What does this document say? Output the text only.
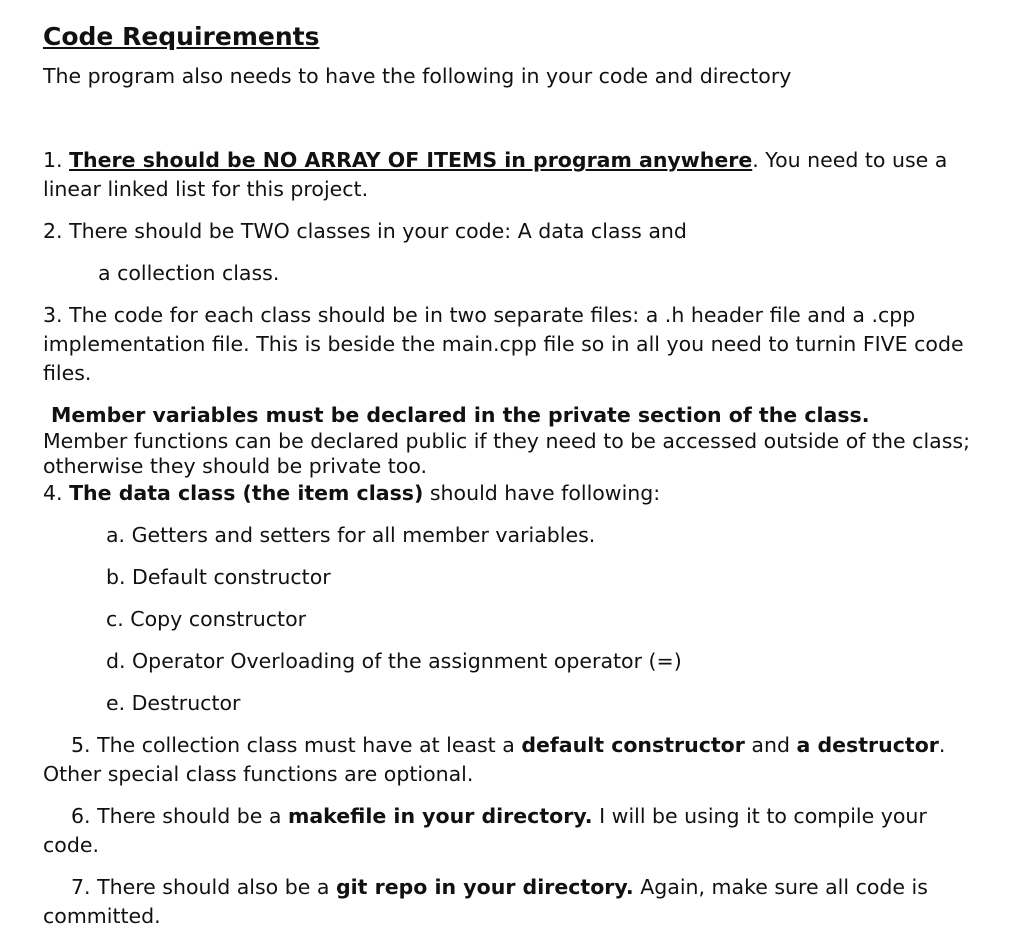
Code Requirements
The program also needs to have the following in your code and directory
1. There should be NO ARRAY OF ITEMS in program anywhere. You need to use a linear linked list for this project.
2. There should be TWO classes in your code: A data class and
a collection class.
3. The code for each class should be in two separate files: a .h header file and a .cpp implementation file. This is beside the main.cpp file so in all you need to turnin FIVE code files.
Member variables must be declared in the private section of the class.
Member functions can be declared public if they need to be accessed outside of the class; otherwise they should be private too.
4. The data class (the item class) should have following:
a. Getters and setters for all member variables.
b. Default constructor
c. Copy constructor
d. Operator Overloading of the assignment operator (=)
e. Destructor
5. The collection class must have at least a default constructor and a destructor. Other special class functions are optional.
6. There should be a makefile in your directory. I will be using it to compile your code.
7. There should also be a git repo in your directory. Again, make sure all code is committed.
